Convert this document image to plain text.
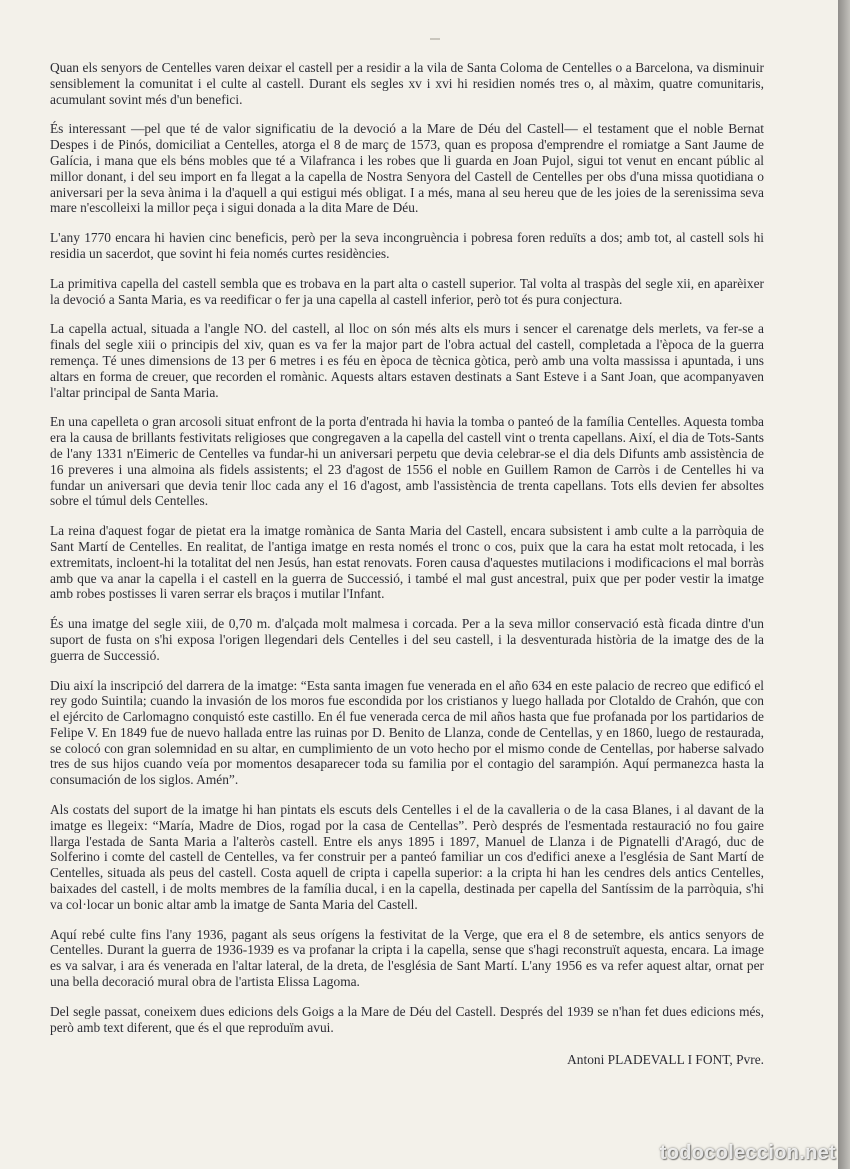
Quan els senyors de Centelles varen deixar el castell per a residir a la vila de Santa Coloma de Centelles o a Barcelona, va disminuir sensiblement la comunitat i el culte al castell. Durant els segles xv i xvi hi residien només tres o, al màxim, quatre comunitaris, acumulant sovint més d'un benefici.

És interessant —pel que té de valor significatiu de la devoció a la Mare de Déu del Castell— el testament que el noble Bernat Despes i de Pinós, domiciliat a Centelles, atorga el 8 de març de 1573, quan es proposa d'emprendre el romiatge a Sant Jaume de Galícia, i mana que els béns mobles que té a Vilafranca i les robes que li guarda en Joan Pujol, sigui tot venut en encant públic al millor donant, i del seu import en fa llegat a la capella de Nostra Senyora del Castell de Centelles per obs d'una missa quotidiana o aniversari per la seva ànima i la d'aquell a qui estigui més obligat. I a més, mana al seu hereu que de les joies de la serenissima seva mare n'escolleixi la millor peça i sigui donada a la dita Mare de Déu.

L'any 1770 encara hi havien cinc beneficis, però per la seva incongruència i pobresa foren reduïts a dos; amb tot, al castell sols hi residia un sacerdot, que sovint hi feia només curtes residències.

La primitiva capella del castell sembla que es trobava en la part alta o castell superior. Tal volta al traspàs del segle xii, en aparèixer la devoció a Santa Maria, es va reedificar o fer ja una capella al castell inferior, però tot és pura conjectura.

La capella actual, situada a l'angle NO. del castell, al lloc on són més alts els murs i sencer el carenatge dels merlets, va fer-se a finals del segle xiii o principis del xiv, quan es va fer la major part de l'obra actual del castell, completada a l'època de la guerra remença. Té unes dimensions de 13 per 6 metres i es féu en època de tècnica gòtica, però amb una volta massissa i apuntada, i uns altars en forma de creuer, que recorden el romànic. Aquests altars estaven destinats a Sant Esteve i a Sant Joan, que acompanyaven l'altar principal de Santa Maria.

En una capelleta o gran arcosoli situat enfront de la porta d'entrada hi havia la tomba o panteó de la família Centelles. Aquesta tomba era la causa de brillants festivitats religioses que congregaven a la capella del castell vint o trenta capellans. Així, el dia de Tots-Sants de l'any 1331 n'Eimeric de Centelles va fundar-hi un aniversari perpetu que devia celebrar-se el dia dels Difunts amb assistència de 16 preveres i una almoina als fidels assistents; el 23 d'agost de 1556 el noble en Guillem Ramon de Carròs i de Centelles hi va fundar un aniversari que devia tenir lloc cada any el 16 d'agost, amb l'assistència de trenta capellans. Tots ells devien fer absoltes sobre el túmul dels Centelles.

La reina d'aquest fogar de pietat era la imatge romànica de Santa Maria del Castell, encara subsistent i amb culte a la parròquia de Sant Martí de Centelles. En realitat, de l'antiga imatge en resta només el tronc o cos, puix que la cara ha estat molt retocada, i les extremitats, incloent-hi la totalitat del nen Jesús, han estat renovats. Foren causa d'aquestes mutilacions i modificacions el mal borràs amb que va anar la capella i el castell en la guerra de Successió, i també el mal gust ancestral, puix que per poder vestir la imatge amb robes postisses li varen serrar els braços i mutilar l'Infant.

És una imatge del segle xiii, de 0,70 m. d'alçada molt malmesa i corcada. Per a la seva millor conservació està ficada dintre d'un suport de fusta on s'hi exposa l'origen llegendari dels Centelles i del seu castell, i la desventurada història de la imatge des de la guerra de Successió.

Diu així la inscripció del darrera de la imatge: “Esta santa imagen fue venerada en el año 634 en este palacio de recreo que edificó el rey godo Suintila; cuando la invasión de los moros fue escondida por los cristianos y luego hallada por Clotaldo de Crahón, que con el ejército de Carlomagno conquistó este castillo. En él fue venerada cerca de mil años hasta que fue profanada por los partidarios de Felipe V. En 1849 fue de nuevo hallada entre las ruinas por D. Benito de Llanza, conde de Centellas, y en 1860, luego de restaurada, se colocó con gran solemnidad en su altar, en cumplimiento de un voto hecho por el mismo conde de Centellas, por haberse salvado tres de sus hijos cuando veía por momentos desaparecer toda su familia por el contagio del sarampión. Aquí permanezca hasta la consumación de los siglos. Amén”.

Als costats del suport de la imatge hi han pintats els escuts dels Centelles i el de la cavalleria o de la casa Blanes, i al davant de la imatge es llegeix: “María, Madre de Dios, rogad por la casa de Centellas”. Però després de l'esmentada restauració no fou gaire llarga l'estada de Santa Maria a l'alteròs castell. Entre els anys 1895 i 1897, Manuel de Llanza i de Pignatelli d'Aragó, duc de Solferino i comte del castell de Centelles, va fer construir per a panteó familiar un cos d'edifici anexe a l'església de Sant Martí de Centelles, situada als peus del castell. Costa aquell de cripta i capella superior: a la cripta hi han les cendres dels antics Centelles, baixades del castell, i de molts membres de la família ducal, i en la capella, destinada per capella del Santíssim de la parròquia, s'hi va col·locar un bonic altar amb la imatge de Santa Maria del Castell.

Aquí rebé culte fins l'any 1936, pagant als seus orígens la festivitat de la Verge, que era el 8 de setembre, els antics senyors de Centelles. Durant la guerra de 1936-1939 es va profanar la cripta i la capella, sense que s'hagi reconstruït aquesta, encara. La image es va salvar, i ara és venerada en l'altar lateral, de la dreta, de l'església de Sant Martí. L'any 1956 es va refer aquest altar, ornat per una bella decoració mural obra de l'artista Elissa Lagoma.

Del segle passat, coneixem dues edicions dels Goigs a la Mare de Déu del Castell. Després del 1939 se n'han fet dues edicions més, però amb text diferent, que és el que reproduïm avui.

Antoni PLADEVALL I FONT, Pvre.
todocoleccion.net
